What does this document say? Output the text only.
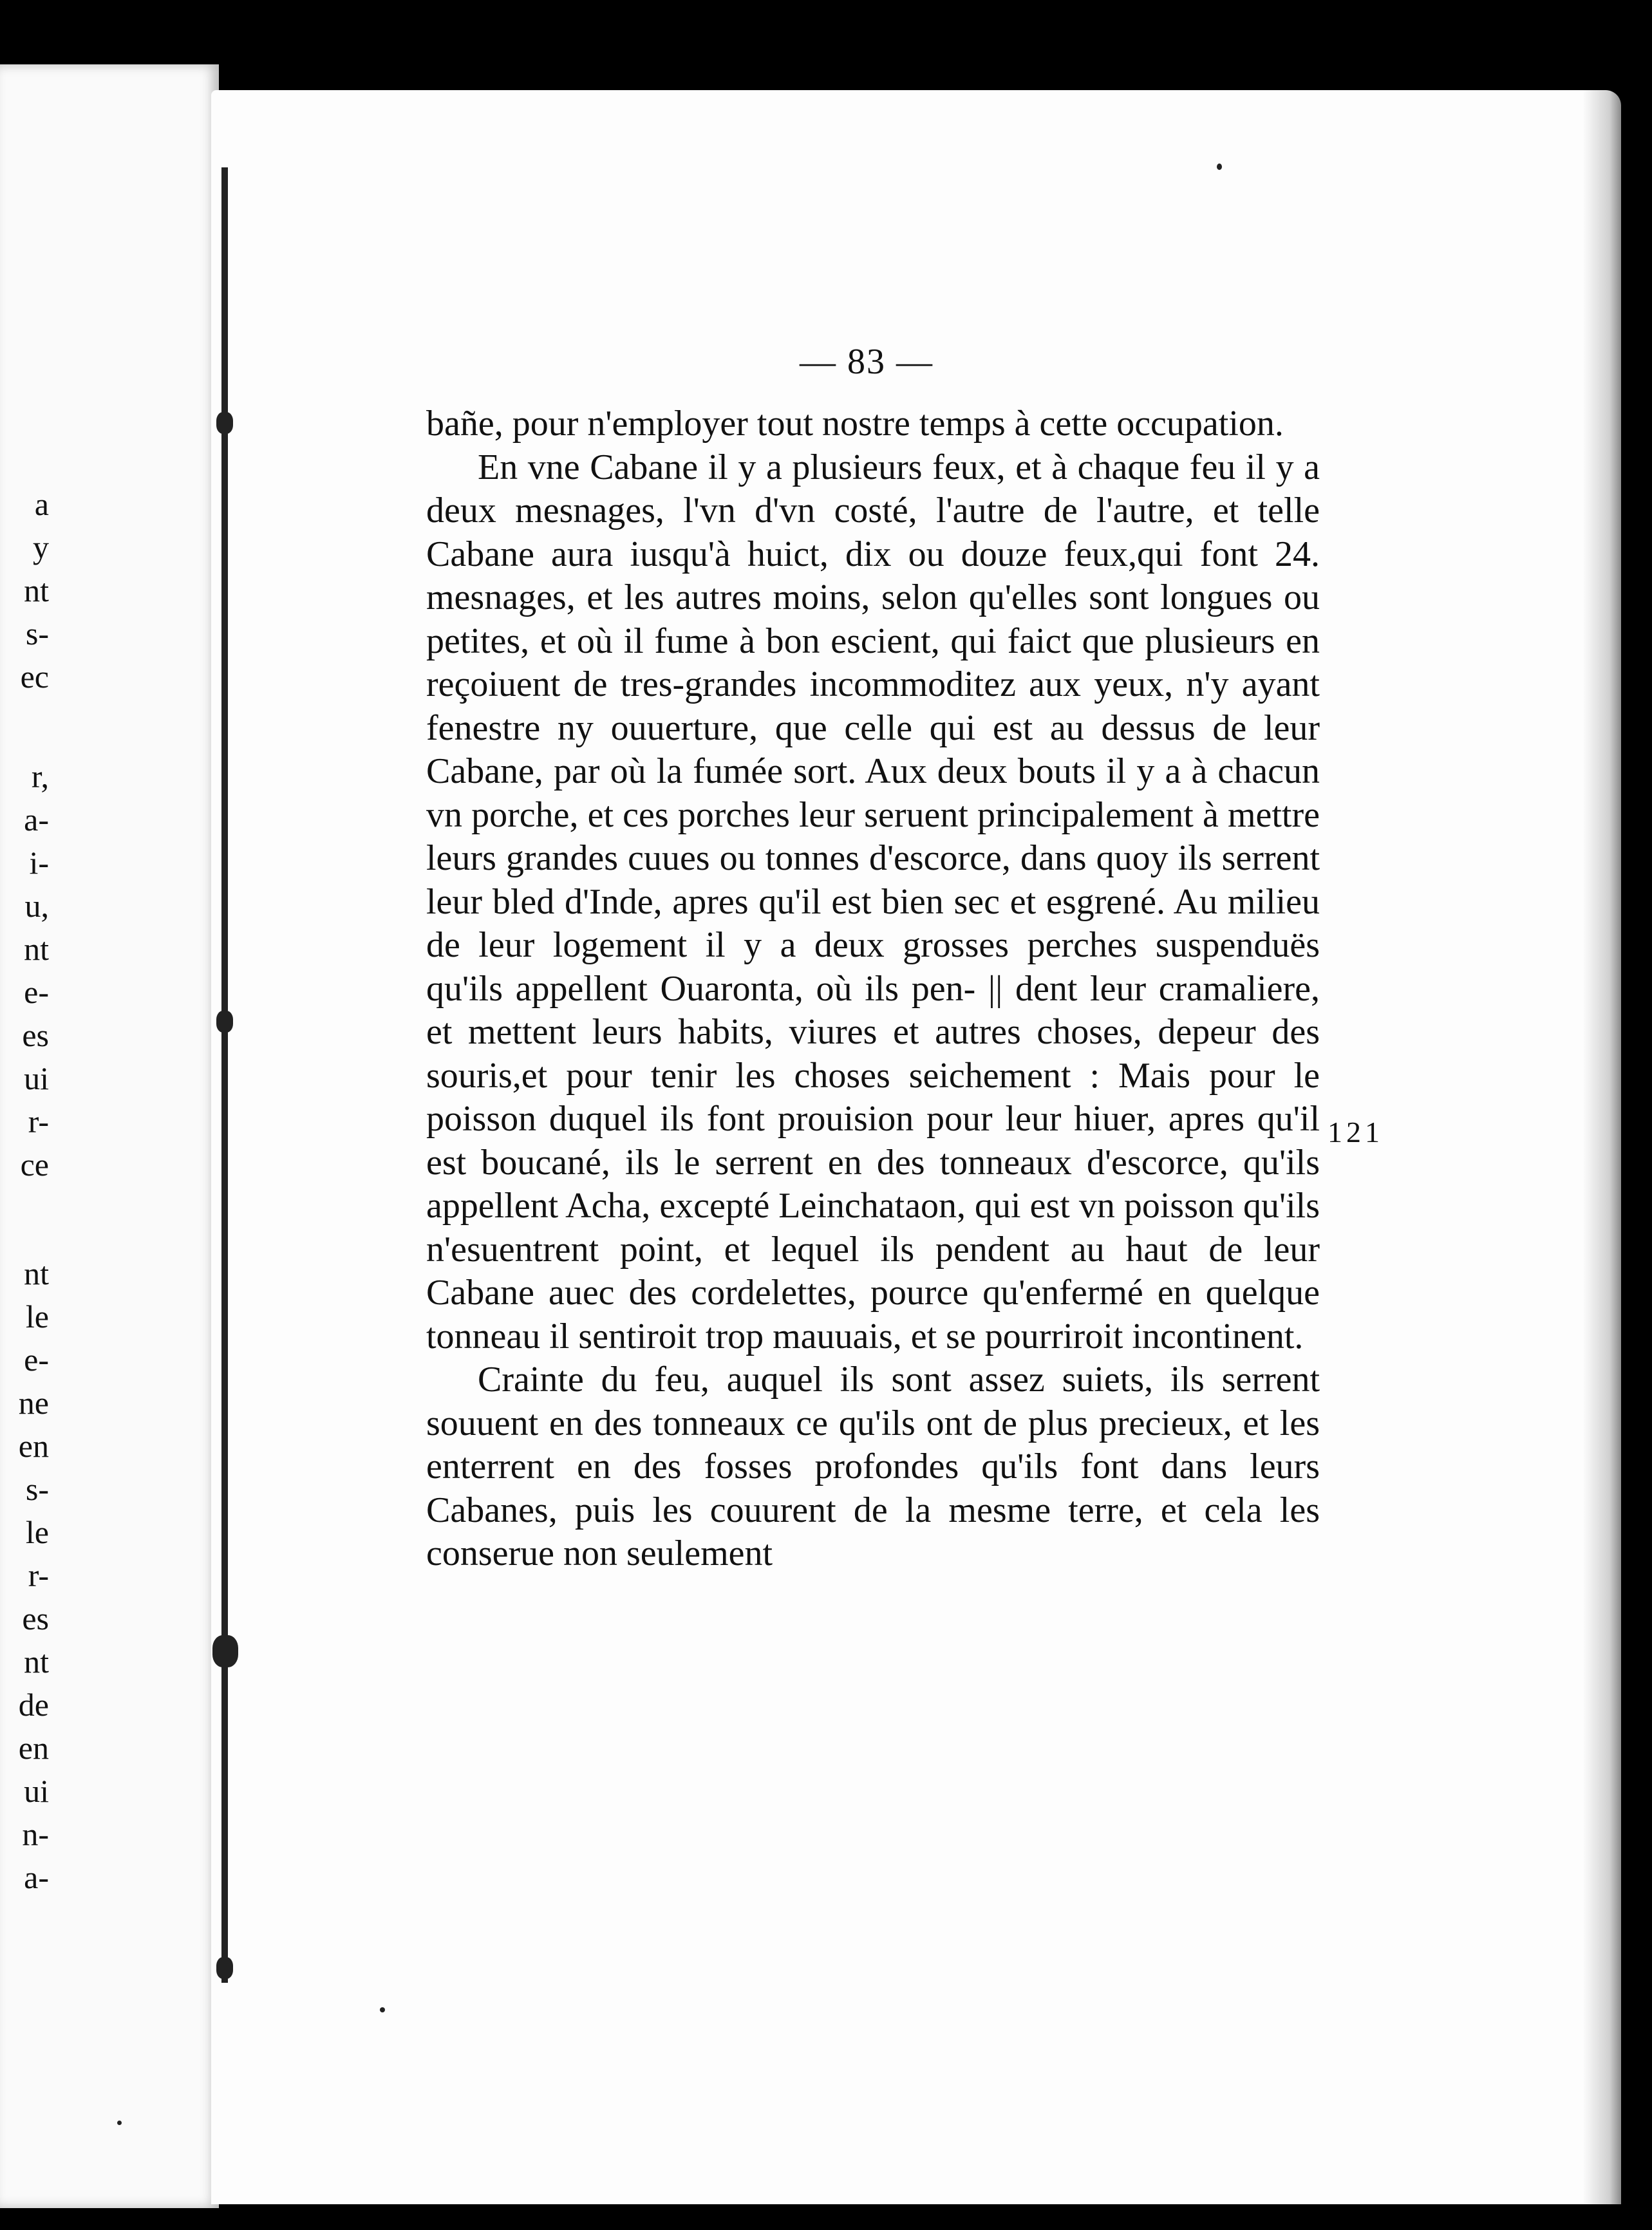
a
y
nt
s-
ec
r,
a-
i-
u,
nt
e-
es
ui
r-
ce
nt
le
e-
ne
en
s-
le
r-
es
nt
de
en
ui
n-
a-
— 83 —

bañe, pour n'employer tout nostre temps à cette occupation.

En vne Cabane il y a plusieurs feux, et à chaque feu il y a deux mesnages, l'vn d'vn costé, l'autre de l'autre, et telle Cabane aura iusqu'à huict, dix ou douze feux,qui font 24. mesnages, et les autres moins, selon qu'elles sont longues ou petites, et où il fume à bon escient, qui faict que plusieurs en reçoiuent de tres-grandes incommoditez aux yeux, n'y ayant fenestre ny ouuerture, que celle qui est au dessus de leur Cabane, par où la fumée sort. Aux deux bouts il y a à chacun vn porche, et ces porches leur seruent principalement à mettre leurs grandes cuues ou tonnes d'escorce, dans quoy ils serrent leur bled d'Inde, apres qu'il est bien sec et esgrené. Au milieu de leur logement il y a deux grosses perches suspenduës qu'ils appellent Ouaronta, où ils pen- || dent leur cramaliere, et mettent leurs habits, viures et autres choses, depeur des souris,et pour tenir les choses seichement : Mais pour le poisson duquel ils font prouision pour leur hiuer, apres qu'il est boucané, ils le serrent en des tonneaux d'escorce, qu'ils appellent Acha, excepté Leinchataon, qui est vn poisson qu'ils n'esuentrent point, et lequel ils pendent au haut de leur Cabane auec des cordelettes, pource qu'enfermé en quelque tonneau il sentiroit trop mauuais, et se pourriroit incontinent.

Crainte du feu, auquel ils sont assez suiets, ils serrent souuent en des tonneaux ce qu'ils ont de plus precieux, et les enterrent en des fosses profondes qu'ils font dans leurs Cabanes, puis les couurent de la mesme terre, et cela les conserue non seulement

121
